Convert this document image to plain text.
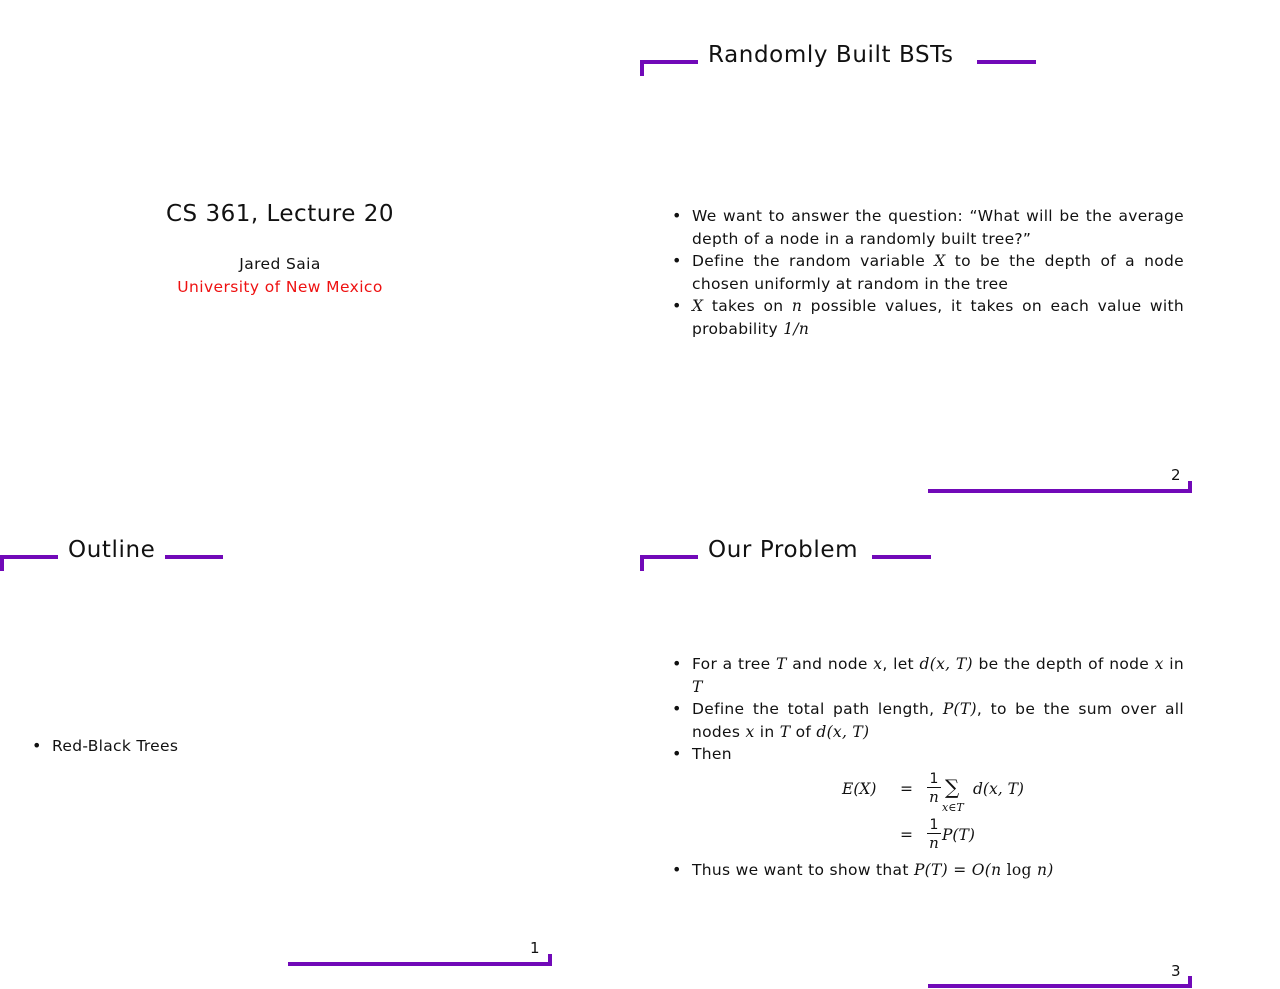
CS 361, Lecture 20
Jared Saia
University of New Mexico
Outline
• Red-Black Trees
1
Randomly Built BSTs
• We want to answer the question: “What will be the average depth of a node in a randomly built tree?”
• Define the random variable X to be the depth of a node chosen uniformly at random in the tree
• X takes on n possible values, it takes on each value with probability 1/n
2
Our Problem
• For a tree T and node x, let d(x, T) be the depth of node x in T
• Define the total path length, P(T), to be the sum over all nodes x in T of d(x, T)
• Then
$E(X) = \frac{1}{n}$ ∑
x∈T
d(x, T)
= $\frac{1}{n} P(T)$
• Thus we want to show that P(T) = O(n log n)
3
